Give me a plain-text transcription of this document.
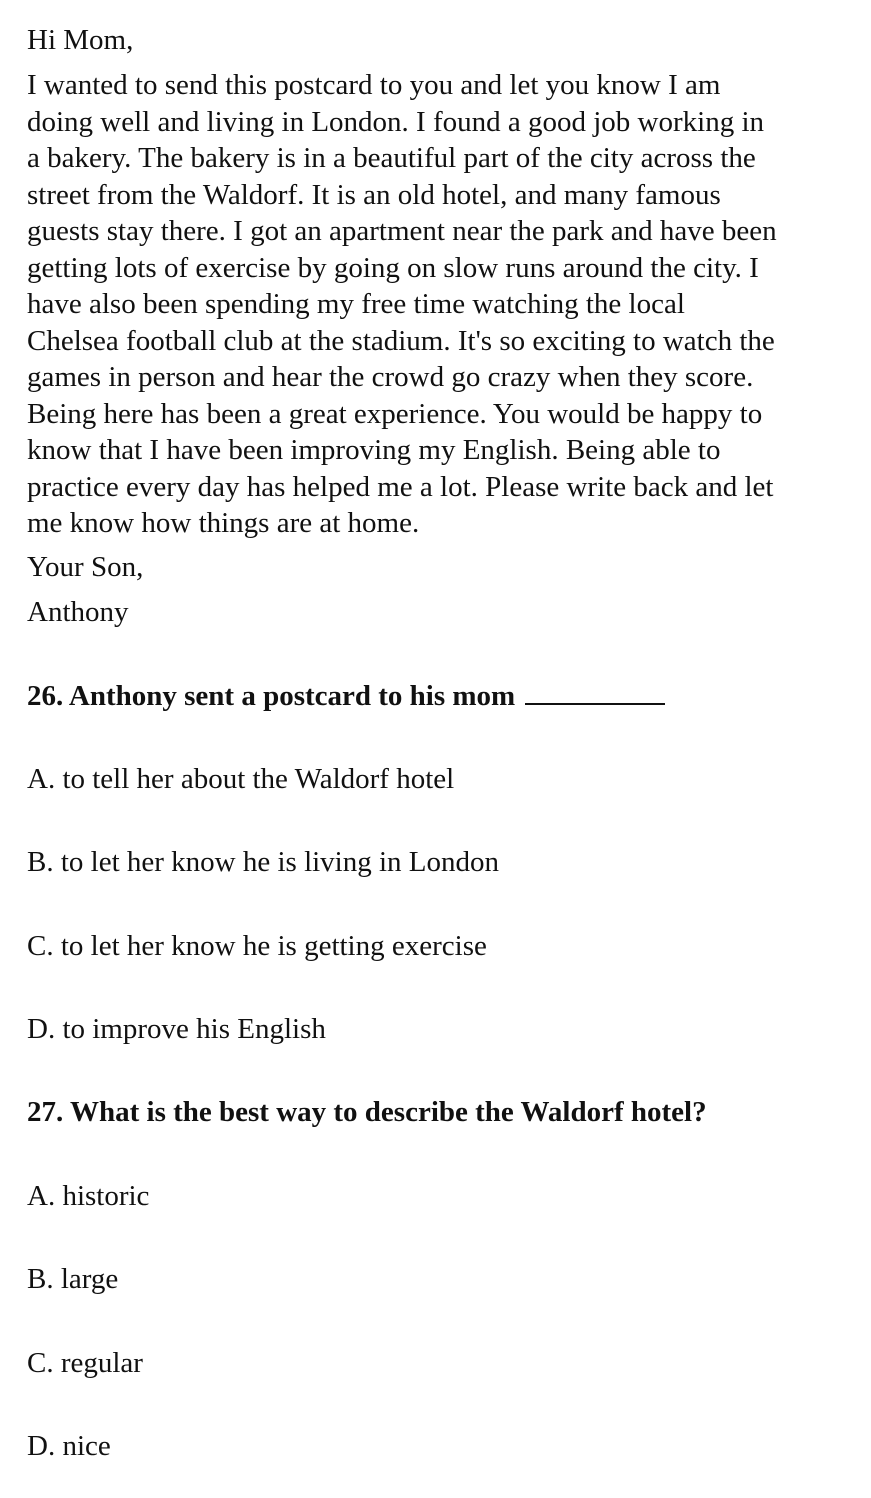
Hi Mom,
I wanted to send this postcard to you and let you know I am
doing well and living in London. I found a good job working in
a bakery. The bakery is in a beautiful part of the city across the
street from the Waldorf. It is an old hotel, and many famous
guests stay there. I got an apartment near the park and have been
getting lots of exercise by going on slow runs around the city. I
have also been spending my free time watching the local
Chelsea football club at the stadium. It's so exciting to watch the
games in person and hear the crowd go crazy when they score.
Being here has been a great experience. You would be happy to
know that I have been improving my English. Being able to
practice every day has helped me a lot. Please write back and let
me know how things are at home.
Your Son,
Anthony
26. Anthony sent a postcard to his mom
A. to tell her about the Waldorf hotel
B. to let her know he is living in London
C. to let her know he is getting exercise
D. to improve his English
27. What is the best way to describe the Waldorf hotel?
A. historic
B. large
C. regular
D. nice
